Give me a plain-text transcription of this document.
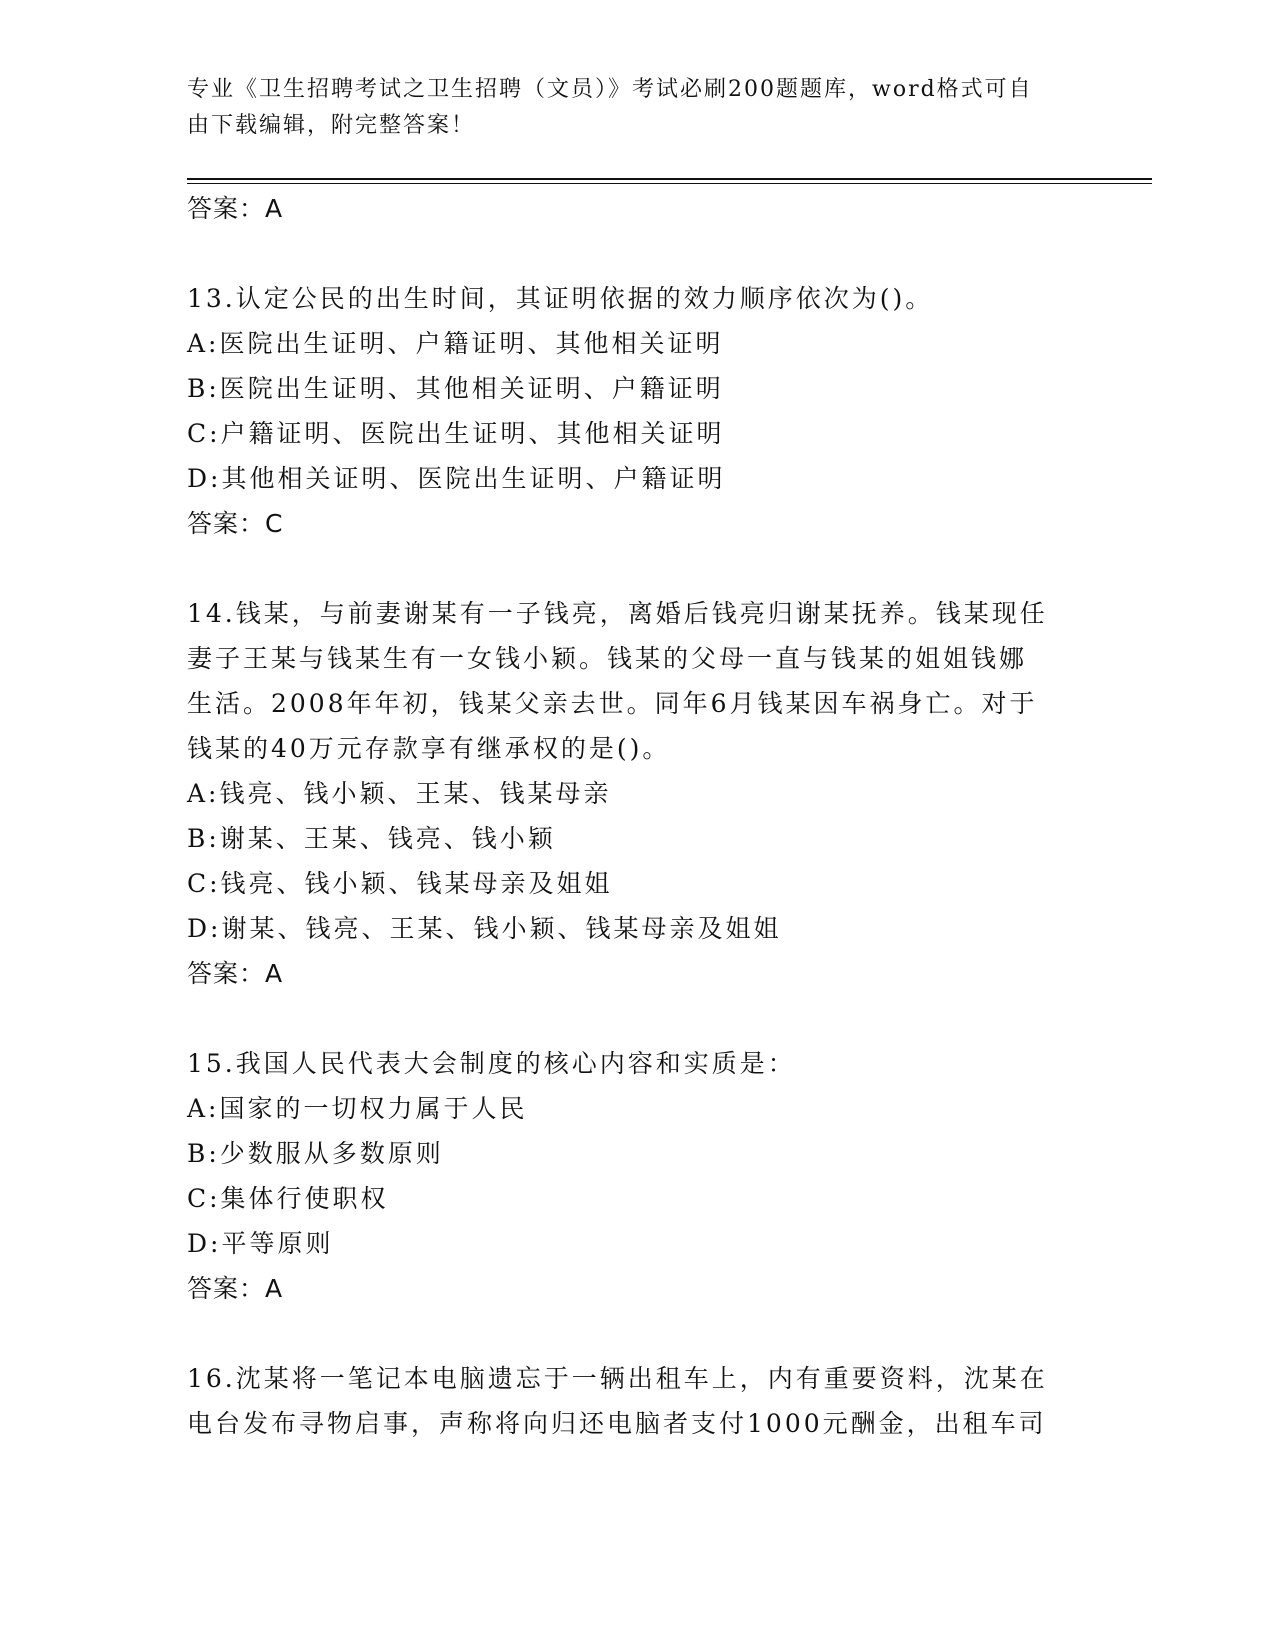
专业《卫生招聘考试之卫生招聘（文员）》考试必刷200题题库，word格式可自
由下载编辑，附完整答案！
答案：A
13.认定公民的出生时间，其证明依据的效力顺序依次为()。
A:医院出生证明、户籍证明、其他相关证明
B:医院出生证明、其他相关证明、户籍证明
C:户籍证明、医院出生证明、其他相关证明
D:其他相关证明、医院出生证明、户籍证明
答案：C
14.钱某，与前妻谢某有一子钱亮，离婚后钱亮归谢某抚养。钱某现任
妻子王某与钱某生有一女钱小颖。钱某的父母一直与钱某的姐姐钱娜
生活。2008年年初，钱某父亲去世。同年6月钱某因车祸身亡。对于
钱某的40万元存款享有继承权的是()。
A:钱亮、钱小颖、王某、钱某母亲
B:谢某、王某、钱亮、钱小颖
C:钱亮、钱小颖、钱某母亲及姐姐
D:谢某、钱亮、王某、钱小颖、钱某母亲及姐姐
答案：A
15.我国人民代表大会制度的核心内容和实质是：
A:国家的一切权力属于人民
B:少数服从多数原则
C:集体行使职权
D:平等原则
答案：A
16.沈某将一笔记本电脑遗忘于一辆出租车上，内有重要资料，沈某在
电台发布寻物启事，声称将向归还电脑者支付1000元酬金，出租车司
